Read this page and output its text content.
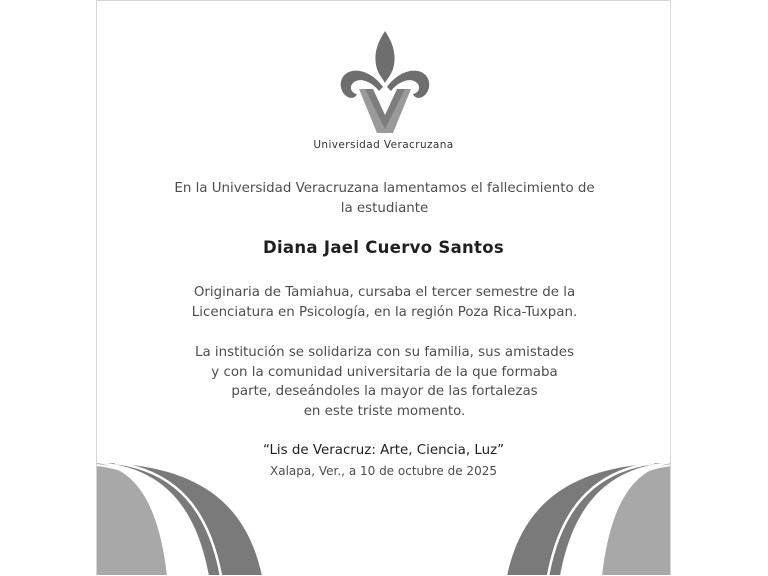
Universidad Veracruzana
En la Universidad Veracruzana lamentamos el fallecimiento de
la estudiante
Diana Jael Cuervo Santos
Originaria de Tamiahua, cursaba el tercer semestre de la
Licenciatura en Psicología, en la región Poza Rica-Tuxpan.
La institución se solidariza con su familia, sus amistades
y con la comunidad universitaria de la que formaba
parte, deseándoles la mayor de las fortalezas
en este triste momento.
“Lis de Veracruz: Arte, Ciencia, Luz”
Xalapa, Ver., a 10 de octubre de 2025
